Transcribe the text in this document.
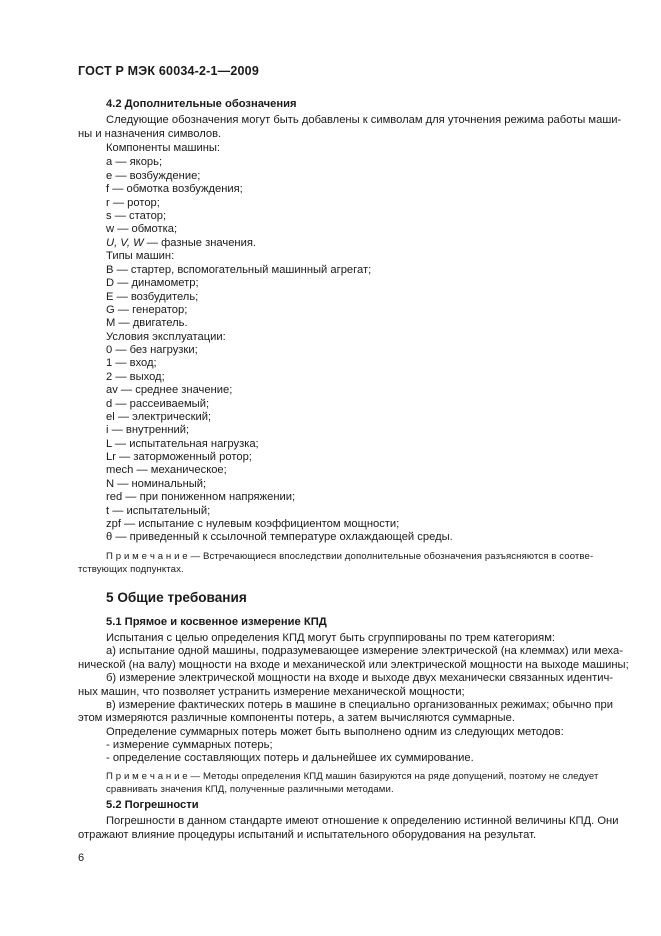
ГОСТ Р МЭК 60034-2-1—2009
4.2 Дополнительные обозначения
Следующие обозначения могут быть добавлены к символам для уточнения режима работы маши-
ны и назначения символов.
Компоненты машины:
a — якорь;
e — возбуждение;
f — обмотка возбуждения;
r — ротор;
s — статор;
w — обмотка;
U, V, W — фазные значения.
Типы машин:
B — стартер, вспомогательный машинный агрегат;
D — динамометр;
E — возбудитель;
G — генератор;
M — двигатель.
Условия эксплуатации:
0 — без нагрузки;
1 — вход;
2 — выход;
av — среднее значение;
d — рассеиваемый;
el — электрический;
i — внутренний;
L — испытательная нагрузка;
Lr — заторможенный ротор;
mech — механическое;
N — номинальный;
red — при пониженном напряжении;
t — испытательный;
zpf — испытание с нулевым коэффициентом мощности;
θ — приведенный к ссылочной температуре охлаждающей среды.
П р и м е ч а н и е — Встречающиеся впоследствии дополнительные обозначения разъясняются в соотве-
тствующих подпунктах.
5 Общие требования
5.1 Прямое и косвенное измерение КПД
Испытания с целью определения КПД могут быть сгруппированы по трем категориям:
а) испытание одной машины, подразумевающее измерение электрической (на клеммах) или меха-
нической (на валу) мощности на входе и механической или электрической мощности на выходе машины;
б) измерение электрической мощности на входе и выходе двух механически связанных идентич-
ных машин, что позволяет устранить измерение механической мощности;
в) измерение фактических потерь в машине в специально организованных режимах; обычно при
этом измеряются различные компоненты потерь, а затем вычисляются суммарные.
Определение суммарных потерь может быть выполнено одним из следующих методов:
- измерение суммарных потерь;
- определение составляющих потерь и дальнейшее их суммирование.
П р и м е ч а н и е — Методы определения КПД машин базируются на ряде допущений, поэтому не следует
сравнивать значения КПД, полученные различными методами.
5.2 Погрешности
Погрешности в данном стандарте имеют отношение к определению истинной величины КПД. Они
отражают влияние процедуры испытаний и испытательного оборудования на результат.
6
